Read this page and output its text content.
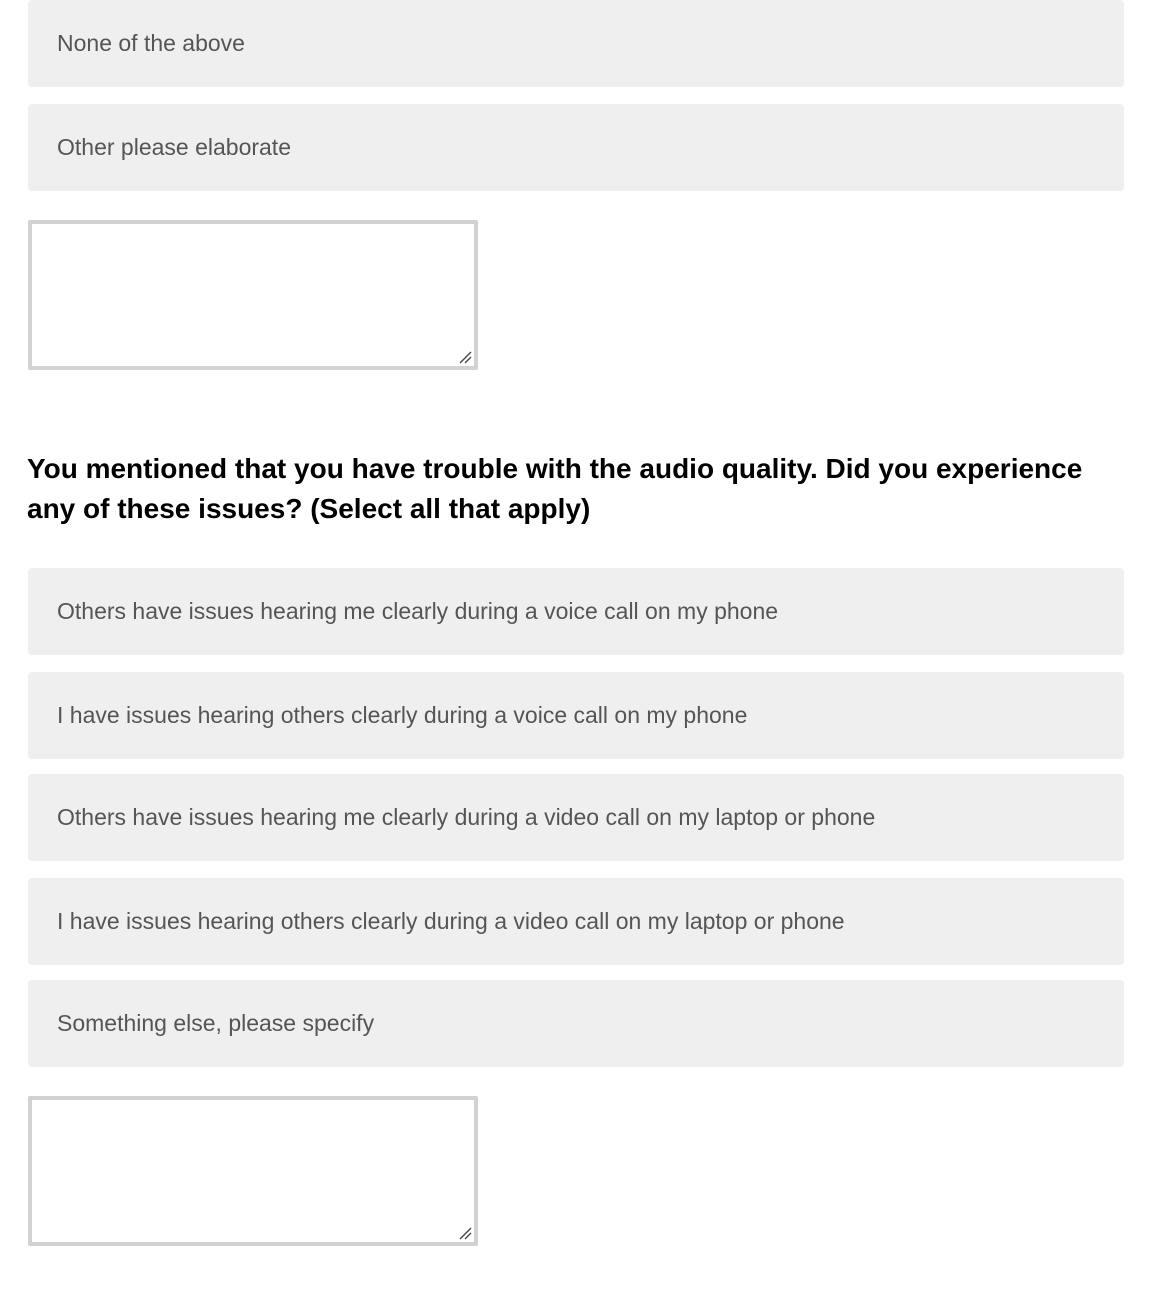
None of the above
Other please elaborate
You mentioned that you have trouble with the audio quality. Did you experience any of these issues? (Select all that apply)
Others have issues hearing me clearly during a voice call on my phone
I have issues hearing others clearly during a voice call on my phone
Others have issues hearing me clearly during a video call on my laptop or phone
I have issues hearing others clearly during a video call on my laptop or phone
Something else, please specify
